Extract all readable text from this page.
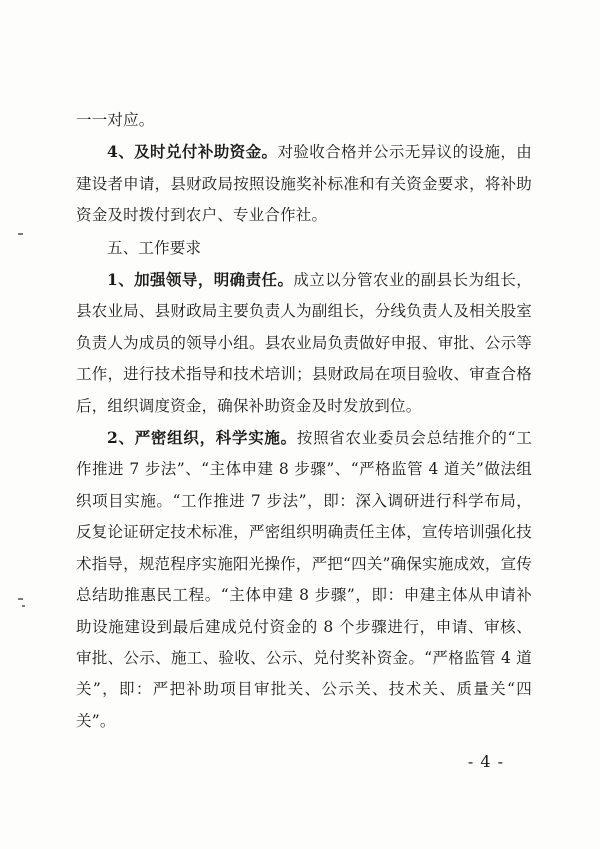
一一对应。

4、及时兑付补助资金。对验收合格并公示无异议的设施，由建设者申请，县财政局按照设施奖补标准和有关资金要求，将补助资金及时拨付到农户、专业合作社。

五、工作要求

1、加强领导，明确责任。成立以分管农业的副县长为组长，县农业局、县财政局主要负责人为副组长，分线负责人及相关股室负责人为成员的领导小组。县农业局负责做好申报、审批、公示等工作，进行技术指导和技术培训；县财政局在项目验收、审查合格后，组织调度资金，确保补助资金及时发放到位。

2、严密组织，科学实施。按照省农业委员会总结推介的“工作推进 7 步法”、“主体申建 8 步骤”、“严格监管 4 道关”做法组织项目实施。“工作推进 7 步法”，即：深入调研进行科学布局，反复论证研定技术标准，严密组织明确责任主体，宣传培训强化技术指导，规范程序实施阳光操作，严把“四关”确保实施成效，宣传总结助推惠民工程。“主体申建 8 步骤”，即：申建主体从申请补助设施建设到最后建成兑付资金的 8 个步骤进行，申请、审核、审批、公示、施工、验收、公示、兑付奖补资金。“严格监管 4 道关”，即：严把补助项目审批关、公示关、技术关、质量关“四关”。

- 4 -
